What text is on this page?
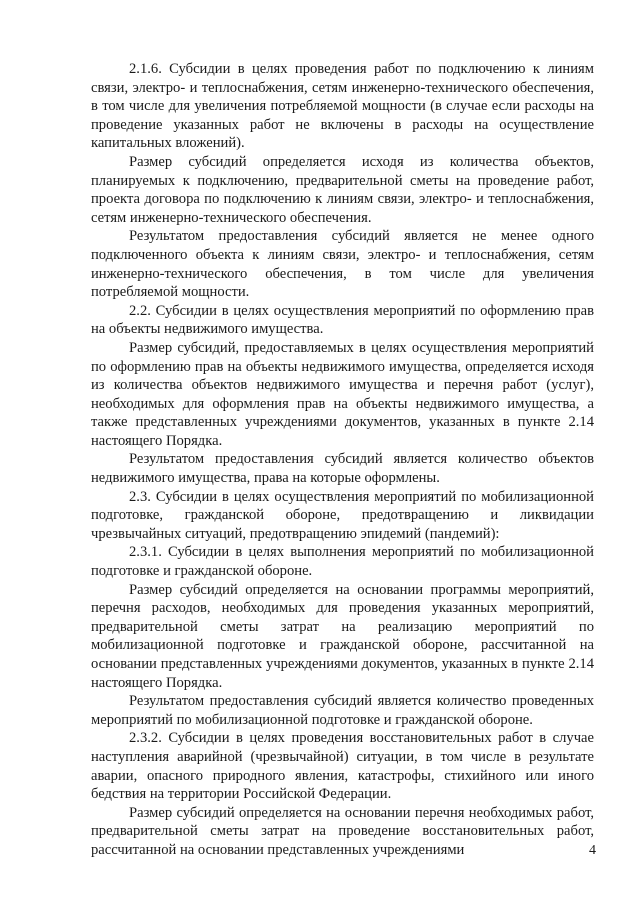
2.1.6. Субсидии в целях проведения работ по подключению к линиям связи, электро- и теплоснабжения, сетям инженерно-технического обеспечения, в том числе для увеличения потребляемой мощности (в случае если расходы на проведение указанных работ не включены в расходы на осуществление капитальных вложений).

Размер субсидий определяется исходя из количества объектов, планируемых к подключению, предварительной сметы на проведение работ, проекта договора по подключению к линиям связи, электро- и теплоснабжения, сетям инженерно-технического обеспечения.

Результатом предоставления субсидий является не менее одного подключенного объекта к линиям связи, электро- и теплоснабжения, сетям инженерно-технического обеспечения, в том числе для увеличения потребляемой мощности.

2.2. Субсидии в целях осуществления мероприятий по оформлению прав на объекты недвижимого имущества.

Размер субсидий, предоставляемых в целях осуществления мероприятий по оформлению прав на объекты недвижимого имущества, определяется исходя из количества объектов недвижимого имущества и перечня работ (услуг), необходимых для оформления прав на объекты недвижимого имущества, а также представленных учреждениями документов, указанных в пункте 2.14 настоящего Порядка.

Результатом предоставления субсидий является количество объектов недвижимого имущества, права на которые оформлены.

2.3. Субсидии в целях осуществления мероприятий по мобилизационной подготовке, гражданской обороне, предотвращению и ликвидации чрезвычайных ситуаций, предотвращению эпидемий (пандемий):

2.3.1. Субсидии в целях выполнения мероприятий по мобилизационной подготовке и гражданской обороне.

Размер субсидий определяется на основании программы мероприятий, перечня расходов, необходимых для проведения указанных мероприятий, предварительной сметы затрат на реализацию мероприятий по мобилизационной подготовке и гражданской обороне, рассчитанной на основании представленных учреждениями документов, указанных в пункте 2.14 настоящего Порядка.

Результатом предоставления субсидий является количество проведенных мероприятий по мобилизационной подготовке и гражданской обороне.

2.3.2. Субсидии в целях проведения восстановительных работ в случае наступления аварийной (чрезвычайной) ситуации, в том числе в результате аварии, опасного природного явления, катастрофы, стихийного или иного бедствия на территории Российской Федерации.

Размер субсидий определяется на основании перечня необходимых работ, предварительной сметы затрат на проведение восстановительных работ, рассчитанной на основании представленных учреждениями	4
